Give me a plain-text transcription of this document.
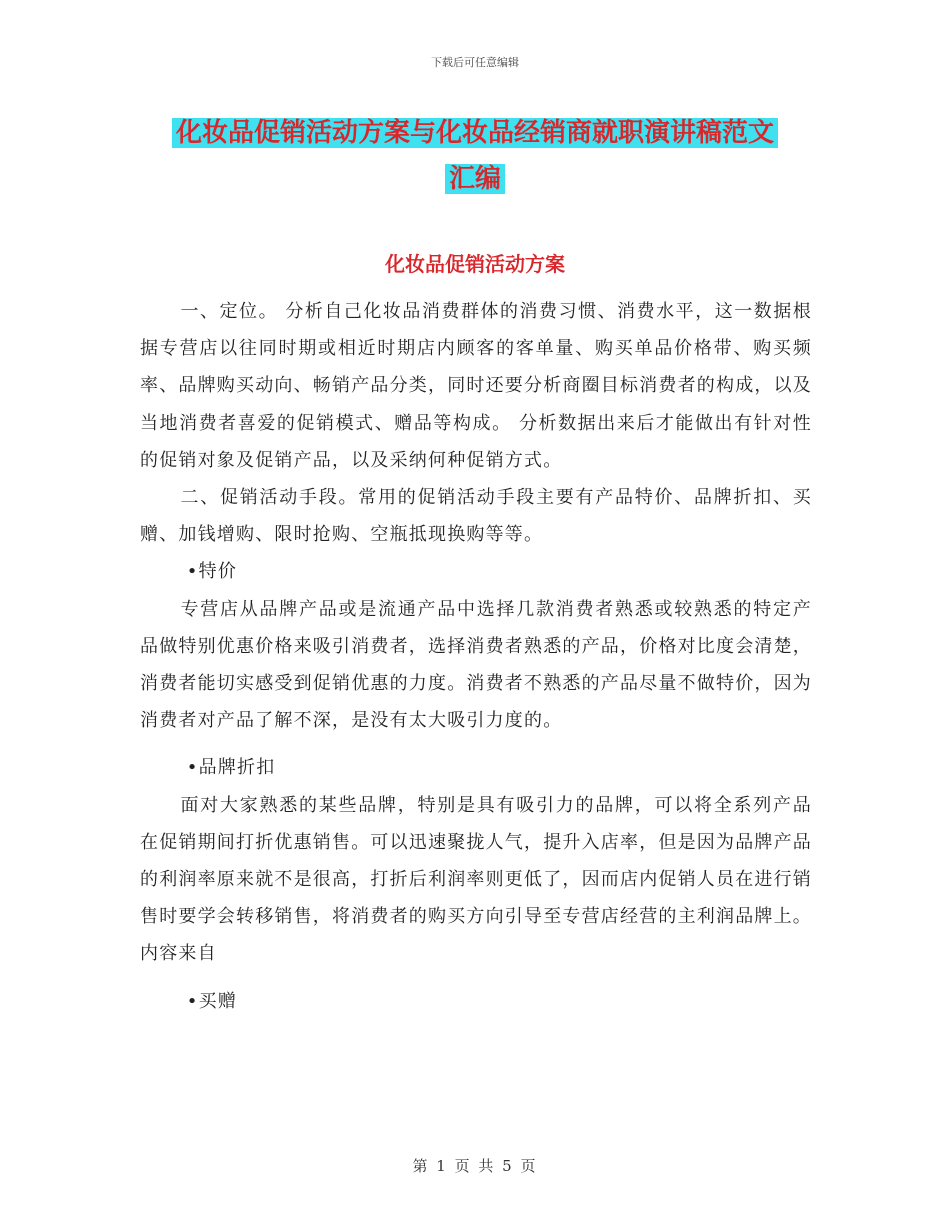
下载后可任意编辑
化妆品促销活动方案与化妆品经销商就职演讲稿范文
汇编
化妆品促销活动方案

一、定位。 分析自己化妆品消费群体的消费习惯、消费水平，这一数据根据专营店以往同时期或相近时期店内顾客的客单量、购买单品价格带、购买频率、品牌购买动向、畅销产品分类，同时还要分析商圈目标消费者的构成，以及当地消费者喜爱的促销模式、赠品等构成。 分析数据出来后才能做出有针对性的促销对象及促销产品，以及采纳何种促销方式。

二、促销活动手段。常用的促销活动手段主要有产品特价、品牌折扣、买赠、加钱增购、限时抢购、空瓶抵现换购等等。

•特价

专营店从品牌产品或是流通产品中选择几款消费者熟悉或较熟悉的特定产品做特别优惠价格来吸引消费者，选择消费者熟悉的产品，价格对比度会清楚，消费者能切实感受到促销优惠的力度。消费者不熟悉的产品尽量不做特价，因为消费者对产品了解不深，是没有太大吸引力度的。

•品牌折扣

面对大家熟悉的某些品牌，特别是具有吸引力的品牌，可以将全系列产品在促销期间打折优惠销售。可以迅速聚拢人气，提升入店率，但是因为品牌产品的利润率原来就不是很高，打折后利润率则更低了，因而店内促销人员在进行销售时要学会转移销售，将消费者的购买方向引导至专营店经营的主利润品牌上。 内容来自

•买赠

第 1 页 共 5 页
